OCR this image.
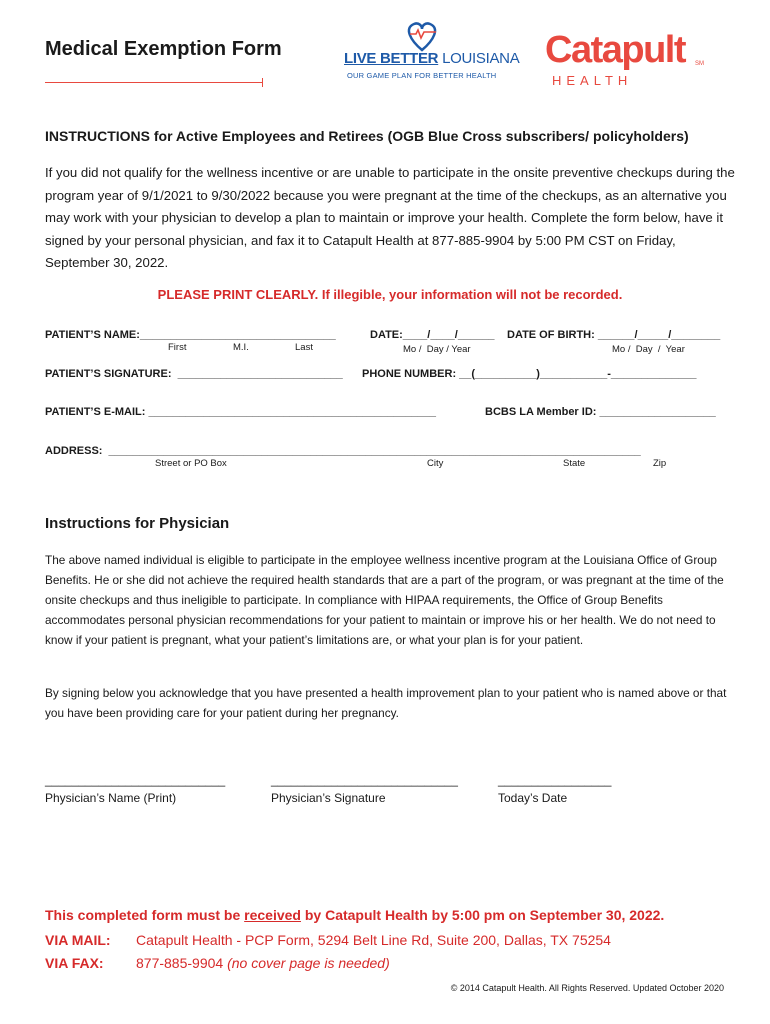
Medical Exemption Form	LIVE BETTER LOUISIANA
OUR GAME PLAN FOR BETTER HEALTH
Catapult SM
HEALTH
INSTRUCTIONS for Active Employees and Retirees (OGB Blue Cross subscribers/ policyholders)
If you did not qualify for the wellness incentive or are unable to participate in the onsite preventive checkups during the program year of 9/1/2021 to 9/30/2022 because you were pregnant at the time of the checkups, as an alternative you may work with your physician to develop a plan to maintain or improve your health. Complete the form below, have it signed by your personal physician, and fax it to Catapult Health at 877-885-9904 by 5:00 PM CST on Friday, September 30, 2022.
PLEASE PRINT CLEARLY. If illegible, your information will not be recorded.
PATIENT’S NAME:________________________________
First	M.I.	Last
DATE:____/____/______
Mo /  Day / Year
DATE OF BIRTH: ______/_____/________
Mo /  Day  /  Year
PATIENT’S SIGNATURE:  ___________________________ PHONE NUMBER: __(__________)___________-______________
PATIENT’S E-MAIL: _______________________________________________	BCBS LA Member ID: ___________________
ADDRESS:  _______________________________________________________________________________________
Street or PO Box	City	State	Zip
Instructions for Physician
The above named individual is eligible to participate in the employee wellness incentive program at the Louisiana Office of Group Benefits. He or she did not achieve the required health standards that are a part of the program, or was pregnant at the time of the onsite checkups and thus ineligible to participate. In compliance with HIPAA requirements, the Office of Group Benefits accommodates personal physician recommendations for your patient to maintain or improve his or her health. We do not need to know if your patient is pregnant, what your patient’s limitations are, or what your plan is for your patient.
By signing below you acknowledge that you have presented a health improvement plan to your patient who is named above or that you have been providing care for your patient during her pregnancy.
___________________________	____________________________	_________________
Physician’s Name (Print)	Physician’s Signature	Today’s Date
This completed form must be received by Catapult Health by 5:00 pm on September 30, 2022.
VIA MAIL: Catapult Health - PCP Form, 5294 Belt Line Rd, Suite 200, Dallas, TX 75254
VIA FAX: 877-885-9904 (no cover page is needed)
© 2014 Catapult Health. All Rights Reserved. Updated October 2020
